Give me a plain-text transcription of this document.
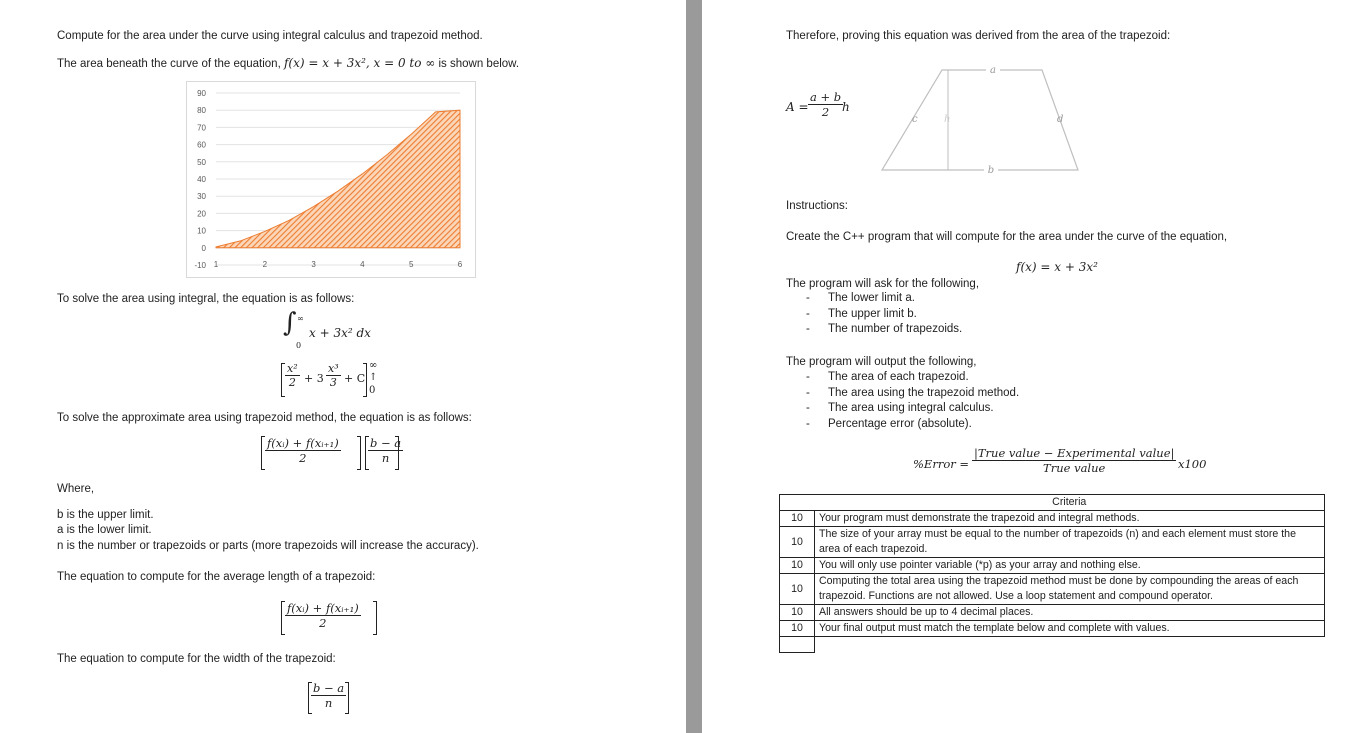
Compute for the area under the curve using integral calculus and trapezoid method.
The area beneath the curve of the equation, f(x) = x + 3x², x = 0 to ∞ is shown below.
-10
0
10
20
30
40
50
60
70
80
90
1	2	3	4	5	6
To solve the area using integral, the equation is as follows:
∫ ∞
0
x + 3x² dx
$\frac{\text{x²}}{2} + 3 \frac{\text{x³}}{3} + C$
∞
↑
0
To solve the approximate area using trapezoid method, the equation is as follows:
$\frac{\text{f(xᵢ) + f(xᵢ₊₁)}}{2} \frac{b - a}{n}$
Where,
b is the upper limit.
a is the lower limit.
n is the number or trapezoids or parts (more trapezoids will increase the accuracy).
The equation to compute for the average length of a trapezoid:
$\frac{\text{f(xᵢ) + f(xᵢ₊₁)}}{2}$
The equation to compute for the width of the trapezoid:
$\frac{b - a}{n}$
Therefore, proving this equation was derived from the area of the trapezoid:
$A = \frac{a + b}{2}$
h
a
b
c	d
h
Instructions:
Create the C++ program that will compute for the area under the curve of the equation,
f(x) = x + 3x²
The program will ask for the following,
- The lower limit a.
- The upper limit b.
- The number of trapezoids.
The program will output the following,
- The area of each trapezoid.
- The area using the trapezoid method.
- The area using integral calculus.
- Percentage error (absolute).
%Error =
|True value − Experimental value|
True value	x100
	Criteria
10	Your program must demonstrate the trapezoid and integral methods.
10	The size of your array must be equal to the number of trapezoids (n) and each element must store the area of each trapezoid.
10	You will only use pointer variable (*p) as your array and nothing else.
10	Computing the total area using the trapezoid method must be done by compounding the areas of each trapezoid. Functions are not allowed. Use a loop statement and compound operator.
10	All answers should be up to 4 decimal places.
10	Your final output must match the template below and complete with values.
